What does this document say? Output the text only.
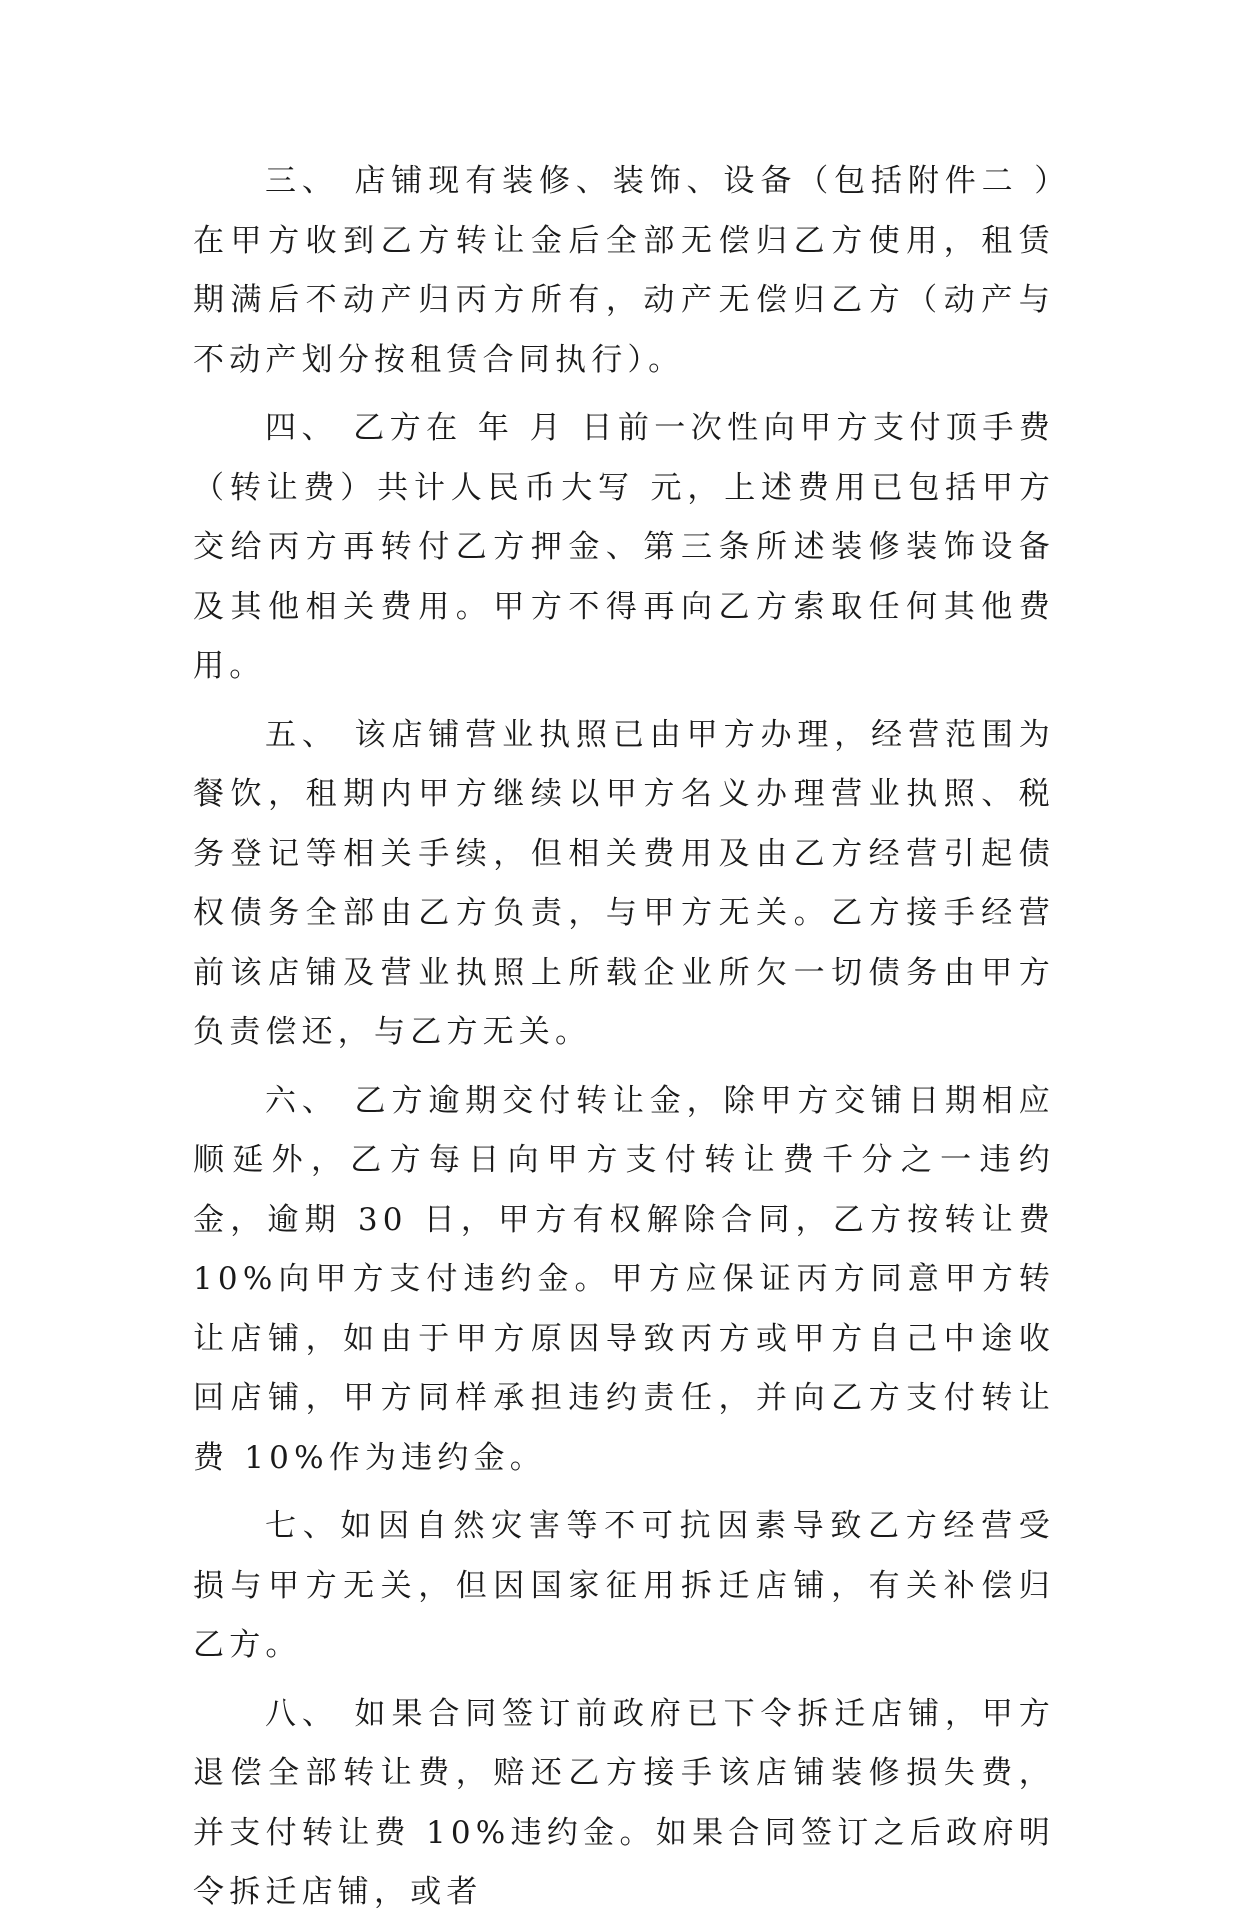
三、 店铺现有装修、装饰、设备（包括附件二 ）在甲方收到乙方转让金后全部无偿归乙方使用，租赁期满后不动产归丙方所有，动产无偿归乙方（动产与不动产划分按租赁合同执行）。

四、 乙方在 年 月 日前一次性向甲方支付顶手费（转让费）共计人民币大写 元，上述费用已包括甲方交给丙方再转付乙方押金、第三条所述装修装饰设备及其他相关费用。甲方不得再向乙方索取任何其他费用。

五、 该店铺营业执照已由甲方办理，经营范围为餐饮，租期内甲方继续以甲方名义办理营业执照、税务登记等相关手续，但相关费用及由乙方经营引起债权债务全部由乙方负责，与甲方无关。乙方接手经营前该店铺及营业执照上所载企业所欠一切债务由甲方负责偿还，与乙方无关。

六、 乙方逾期交付转让金，除甲方交铺日期相应顺延外，乙方每日向甲方支付转让费千分之一违约金，逾期 30 日，甲方有权解除合同，乙方按转让费 10%向甲方支付违约金。甲方应保证丙方同意甲方转让店铺，如由于甲方原因导致丙方或甲方自己中途收回店铺，甲方同样承担违约责任，并向乙方支付转让费 10%作为违约金。

七、如因自然灾害等不可抗因素导致乙方经营受损与甲方无关，但因国家征用拆迁店铺，有关补偿归乙方。

八、 如果合同签订前政府已下令拆迁店铺，甲方退偿全部转让费，赔还乙方接手该店铺装修损失费，并支付转让费 10%违约金。如果合同签订之后政府明令拆迁店铺，或者
